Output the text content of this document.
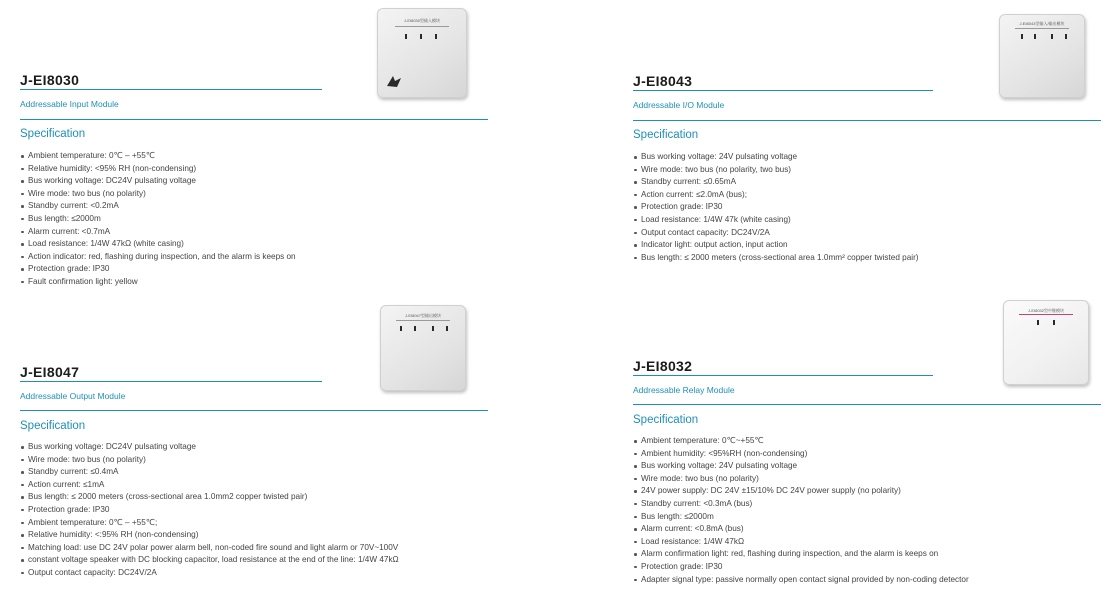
J-EI8030
Addressable Input Module
Specification
Ambient temperature: 0℃ – +55℃
Relative humidity: <95% RH (non-condensing)
Bus working voltage: DC24V pulsating voltage
Wire mode: two bus (no polarity)
Standby current: <0.2mA
Bus length: ≤2000m
Alarm current: <0.7mA
Load resistance: 1/4W 47kΩ (white casing)
Action indicator: red, flashing during inspection, and the alarm is keeps on
Protection grade: IP30
Fault confirmation light: yellow
J-EI8030型输入模块
J-EI8043
Addressable I/O Module
Specification
Bus working voltage: 24V pulsating voltage
Wire mode: two bus (no polarity, two bus)
Standby current: ≤0.65mA
Action current: ≤2.0mA (bus);
Protection grade: IP30
Load resistance: 1/4W 47k (white casing)
Output contact capacity: DC24V/2A
Indicator light: output action, input action
Bus length: ≤ 2000 meters (cross-sectional area 1.0mm² copper twisted pair)
J-EI8043型输入/输出模块
J-EI8047
Addressable Output Module
Specification
Bus working voltage: DC24V pulsating voltage
Wire mode: two bus (no polarity)
Standby current: ≤0.4mA
Action current: ≤1mA
Bus length: ≤ 2000 meters (cross-sectional area 1.0mm2 copper twisted pair)
Protection grade: IP30
Ambient temperature: 0℃ – +55℃;
Relative humidity: <:95% RH (non-condensing)
Matching load: use DC 24V polar power alarm bell, non-coded fire sound and light alarm or 70V~100V
constant voltage speaker with DC blocking capacitor, load resistance at the end of the line: 1/4W 47kΩ
Output contact capacity: DC24V/2A
J-EI8047型输出模块
J-EI8032
Addressable Relay Module
Specification
Ambient temperature: 0℃~+55℃
Ambient humidity: <95%RH (non-condensing)
Bus working voltage: 24V pulsating voltage
Wire mode: two bus (no polarity)
24V power supply: DC 24V ±15/10% DC 24V power supply (no polarity)
Standby current: <0.3mA (bus)
Bus length: ≤2000m
Alarm current: <0.8mA (bus)
Load resistance: 1/4W 47kΩ
Alarm confirmation light: red, flashing during inspection, and the alarm is keeps on
Protection grade: IP30
Adapter signal type: passive normally open contact signal provided by non-coding detector
J-EI8032型中继模块
